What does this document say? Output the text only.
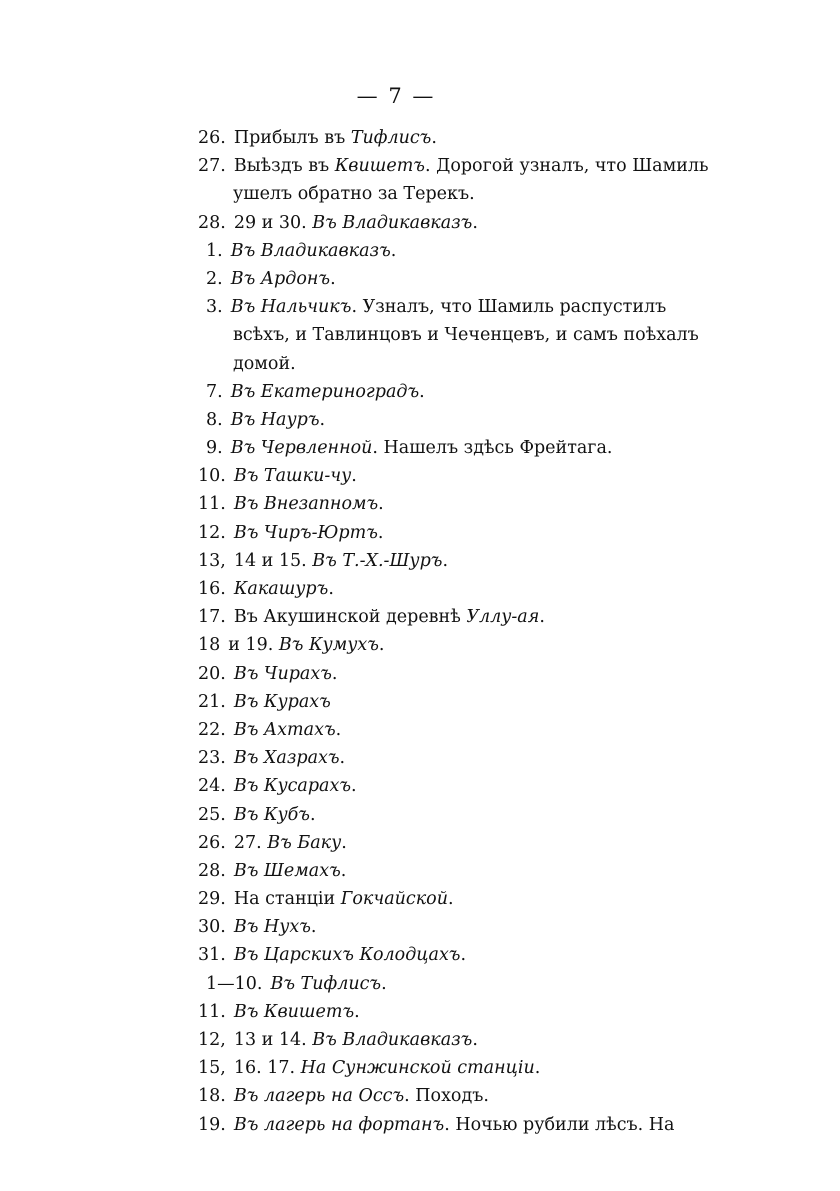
— 7 —
26. Прибылъ въ Тифлисъ.
27. Выѣздъ въ Квишетъ. Дорогой узналъ, что Шамиль
ушелъ обратно за Терекъ.
28. 29 и 30. Въ Владикавказъ.
1. Въ Владикавказъ.
2. Въ Ардонъ.
3. Въ Нальчикъ. Узналъ, что Шамиль распустилъ
всѣхъ, и Тавлинцовъ и Чеченцевъ, и самъ поѣхалъ
домой.
7. Въ Екатериноградъ.
8. Въ Науръ.
9. Въ Червленной. Нашелъ здѣсь Фрейтага.
10. Въ Ташки-чу.
11. Въ Внезапномъ.
12. Въ Чиръ-Юртъ.
13, 14 и 15. Въ Т.-Х.-Шуръ.
16. Какашуръ.
17. Въ Акушинской деревнѣ Уллу-ая.
18 и 19. Въ Кумухъ.
20. Въ Чирахъ.
21. Въ Курахъ
22. Въ Ахтахъ.
23. Въ Хазрахъ.
24. Въ Кусарахъ.
25. Въ Кубъ.
26. 27. Въ Баку.
28. Въ Шемахъ.
29. На станціи Гокчайской.
30. Въ Нухъ.
31. Въ Царскихъ Колодцахъ.
1—10. Въ Тифлисъ.
11. Въ Квишетъ.
12, 13 и 14. Въ Владикавказъ.
15, 16. 17. На Сунжинской станціи.
18. Въ лагерь на Оссъ. Походъ.
19. Въ лагерь на фортанъ. Ночью рубили лѣсъ. На
